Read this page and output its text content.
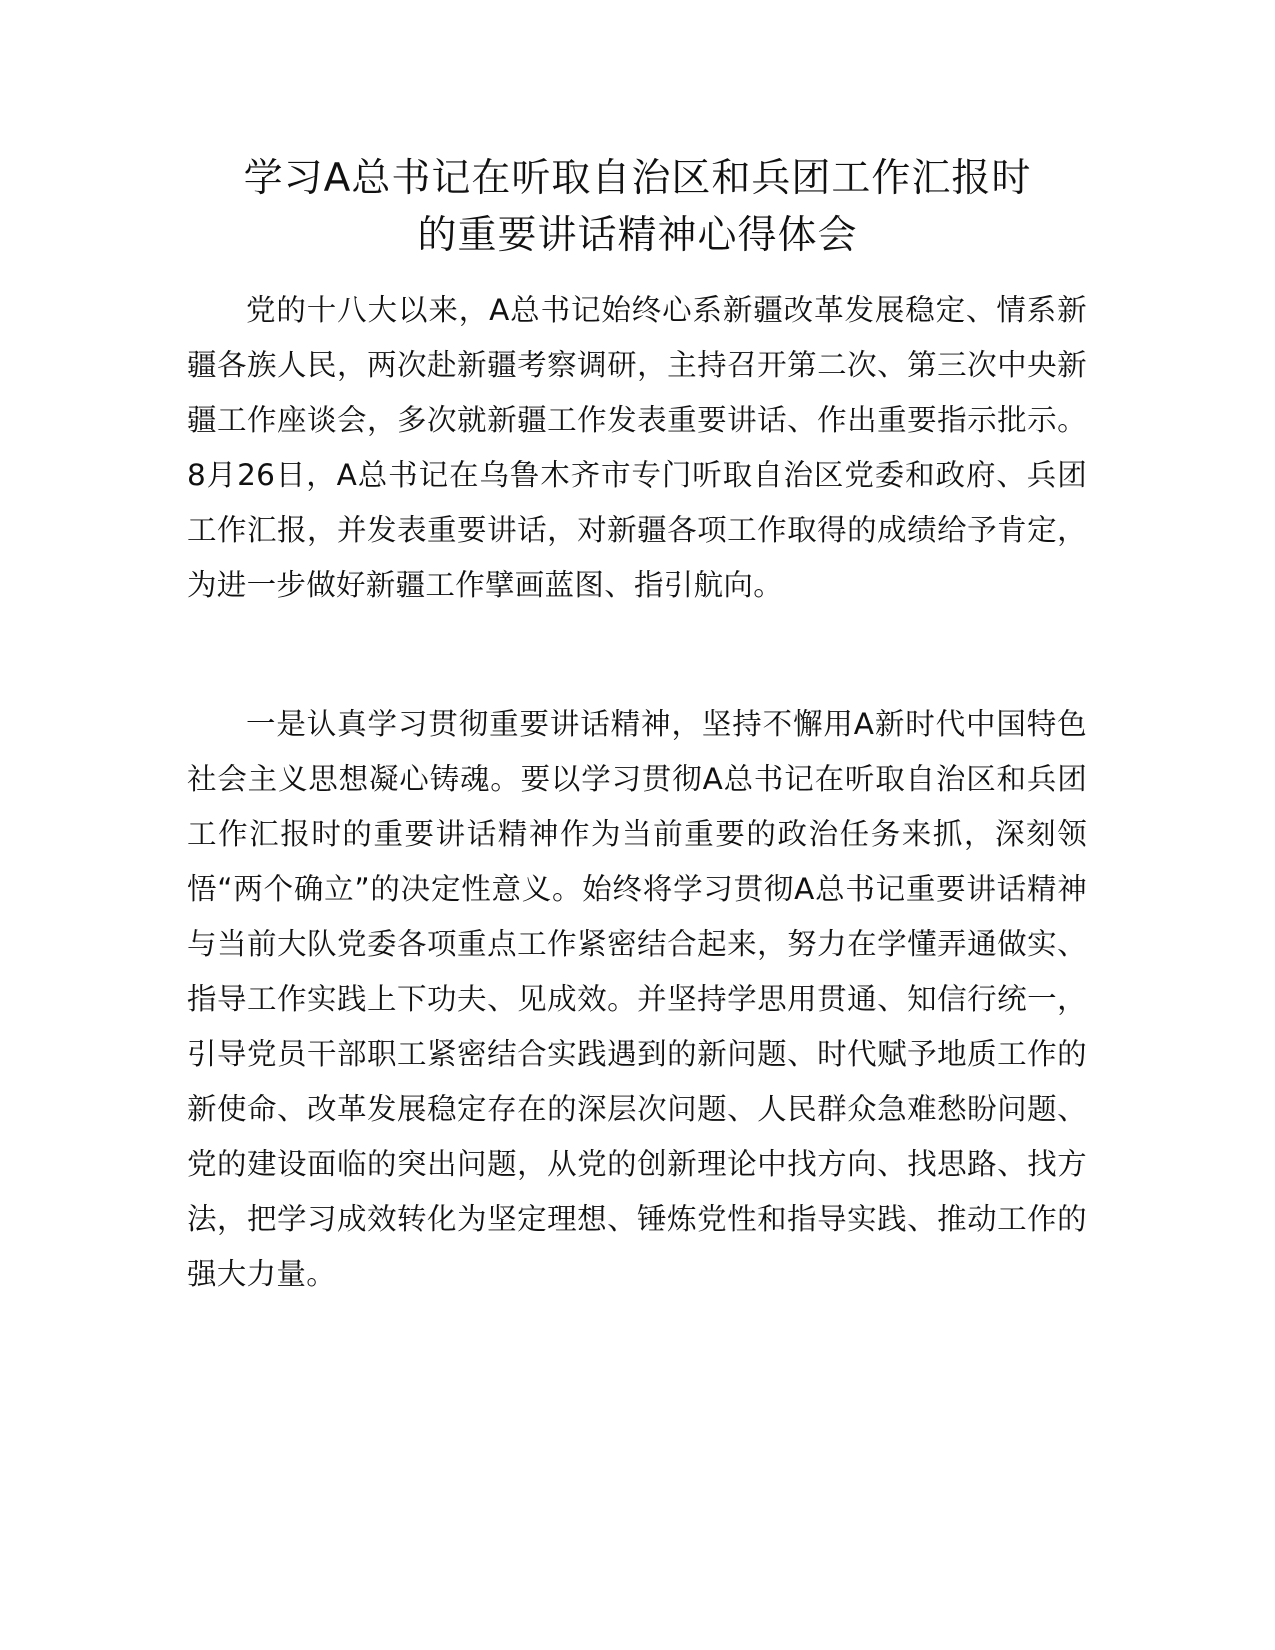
学习A总书记在听取自治区和兵团工作汇报时
的重要讲话精神心得体会

党的十八大以来，A总书记始终心系新疆改革发展稳定、情系新疆各族人民，两次赴新疆考察调研，主持召开第二次、第三次中央新疆工作座谈会，多次就新疆工作发表重要讲话、作出重要指示批示。8月26日，A总书记在乌鲁木齐市专门听取自治区党委和政府、兵团工作汇报，并发表重要讲话，对新疆各项工作取得的成绩给予肯定，为进一步做好新疆工作擘画蓝图、指引航向。

一是认真学习贯彻重要讲话精神，坚持不懈用A新时代中国特色社会主义思想凝心铸魂。要以学习贯彻A总书记在听取自治区和兵团工作汇报时的重要讲话精神作为当前重要的政治任务来抓，深刻领悟“两个确立”的决定性意义。始终将学习贯彻A总书记重要讲话精神与当前大队党委各项重点工作紧密结合起来，努力在学懂弄通做实、指导工作实践上下功夫、见成效。并坚持学思用贯通、知信行统一，引导党员干部职工紧密结合实践遇到的新问题、时代赋予地质工作的新使命、改革发展稳定存在的深层次问题、人民群众急难愁盼问题、党的建设面临的突出问题，从党的创新理论中找方向、找思路、找方法，把学习成效转化为坚定理想、锤炼党性和指导实践、推动工作的强大力量。
